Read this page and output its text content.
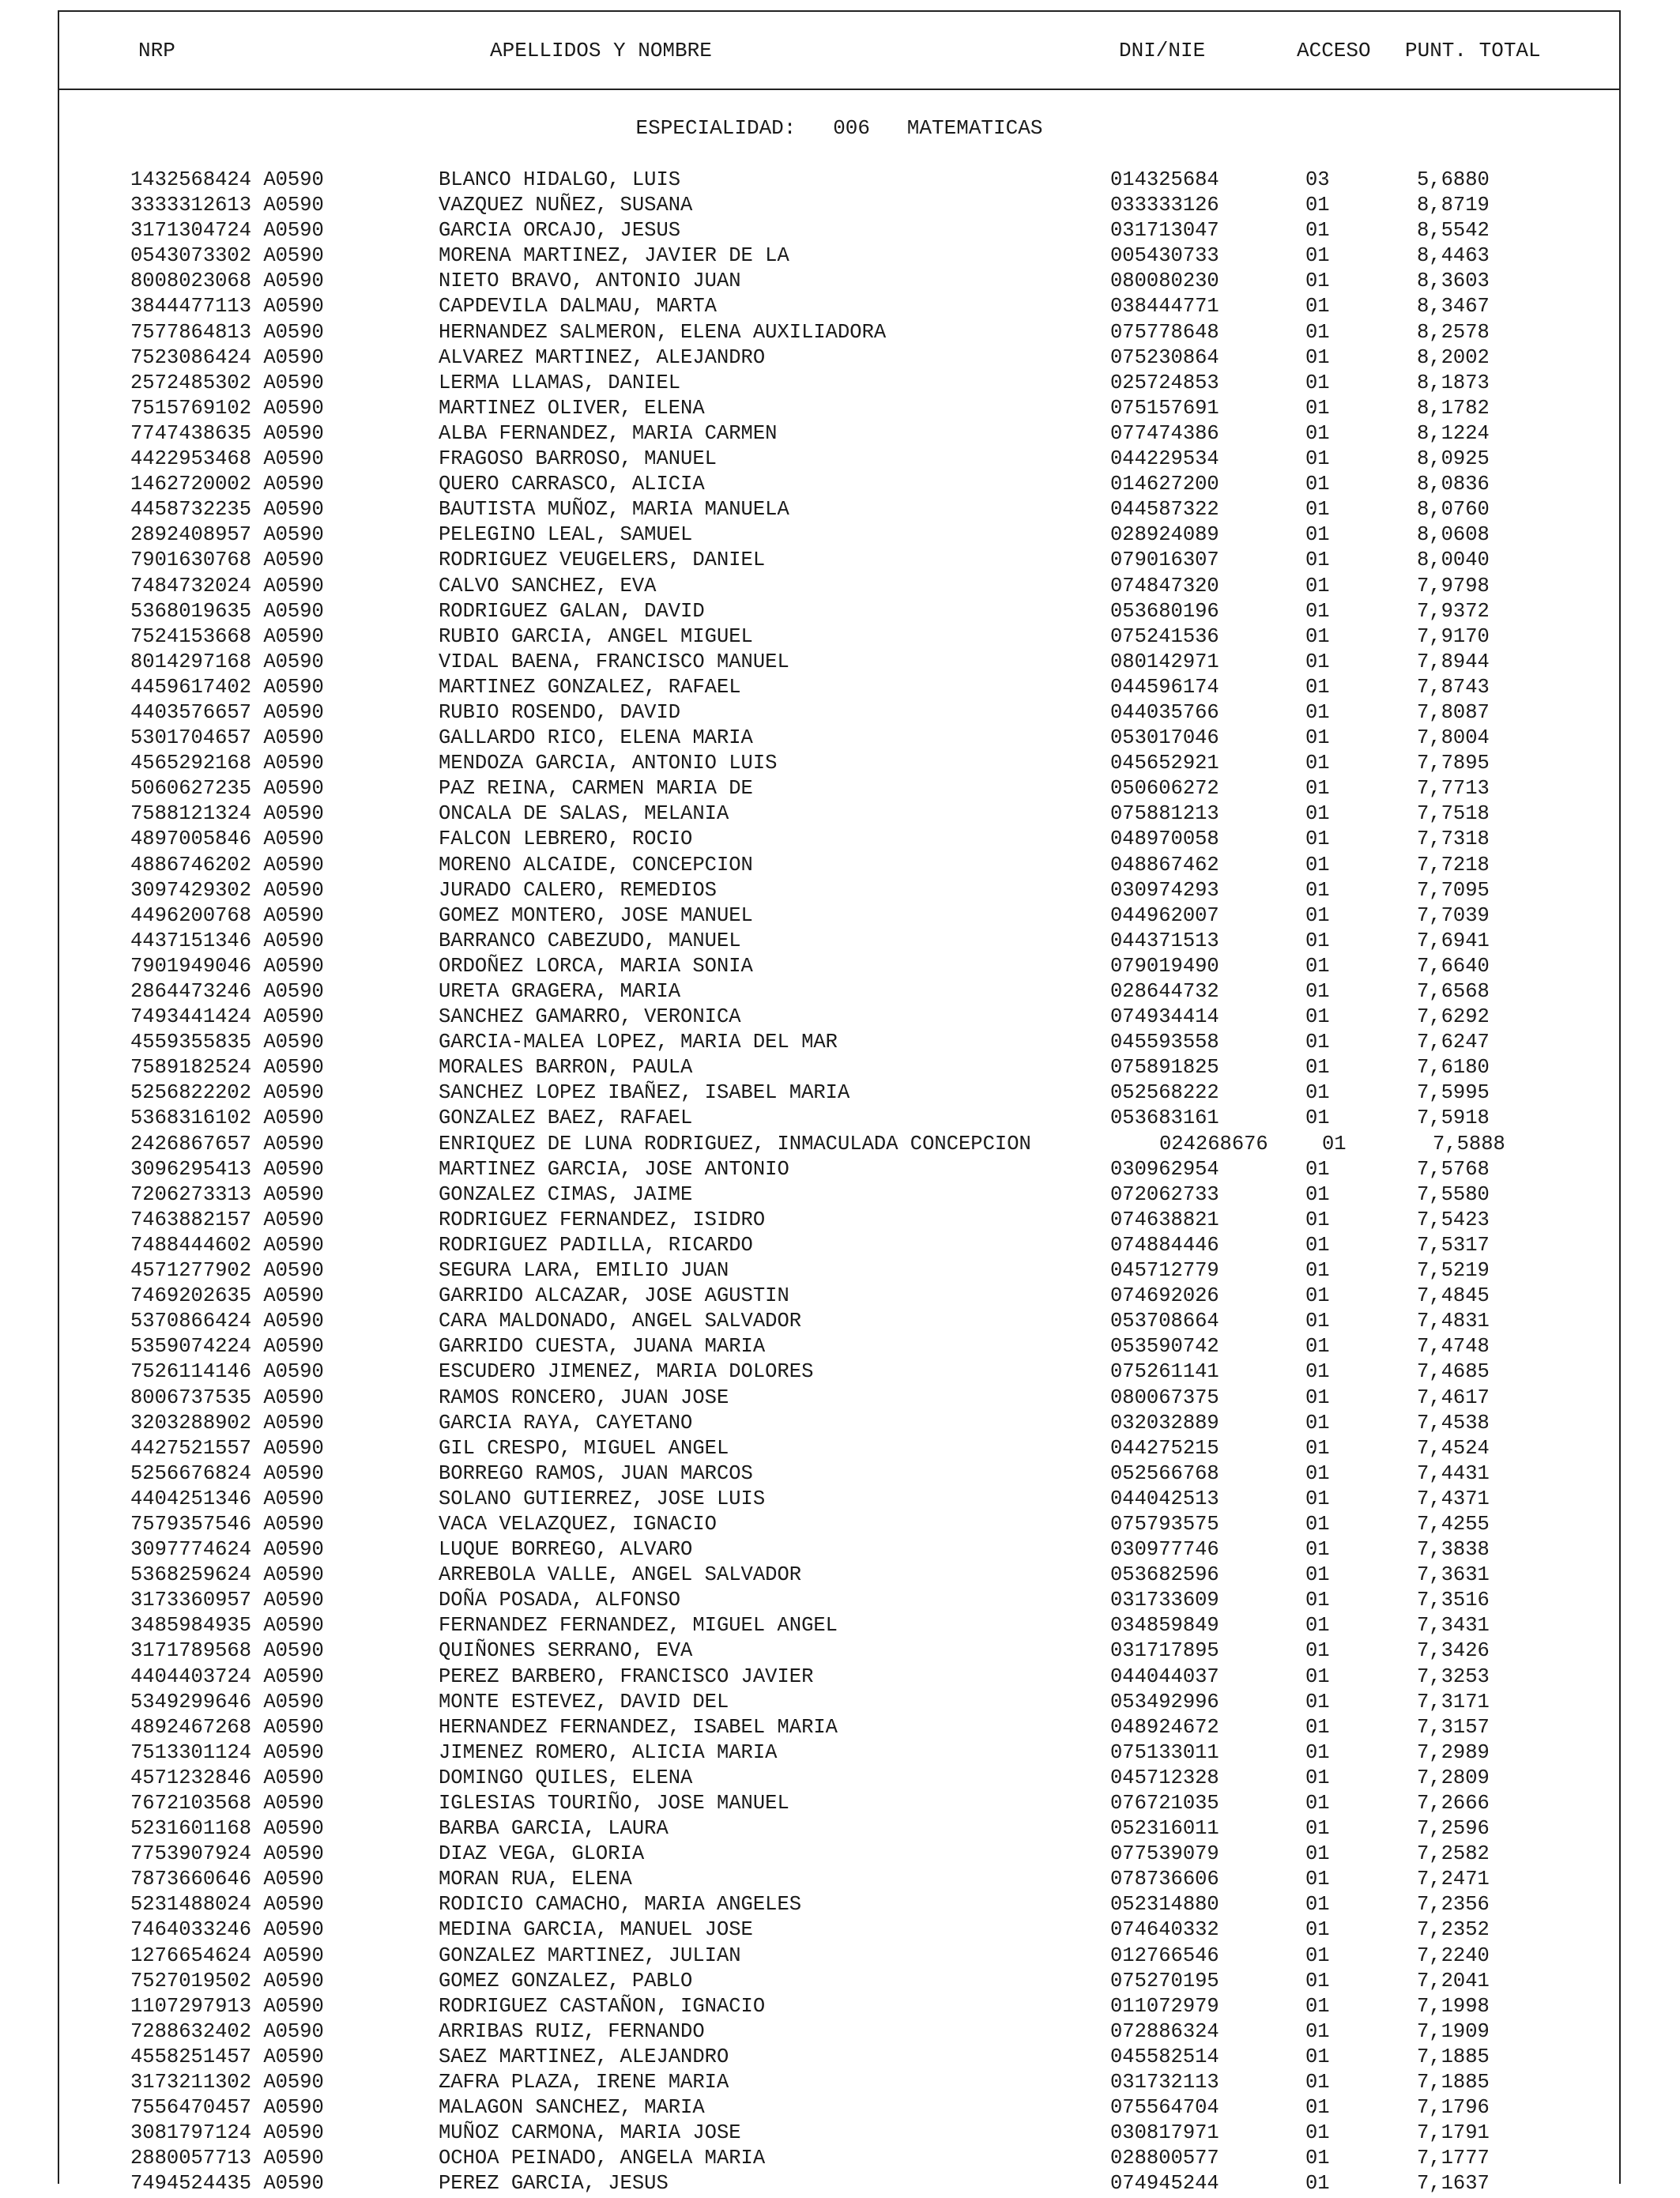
NRP	APELLIDOS Y NOMBRE	DNI/NIE	ACCESO PUNT. TOTAL
ESPECIALIDAD:   006   MATEMATICAS
1432568424 A0590	BLANCO HIDALGO, LUIS	014325684	03	5,6880
3333312613 A0590	VAZQUEZ NUÑEZ, SUSANA	033333126	01	8,8719
3171304724 A0590	GARCIA ORCAJO, JESUS	031713047	01	8,5542
0543073302 A0590	MORENA MARTINEZ, JAVIER DE LA	005430733	01	8,4463
8008023068 A0590	NIETO BRAVO, ANTONIO JUAN	080080230	01	8,3603
3844477113 A0590	CAPDEVILA DALMAU, MARTA	038444771	01	8,3467
7577864813 A0590	HERNANDEZ SALMERON, ELENA AUXILIADORA	075778648	01	8,2578
7523086424 A0590	ALVAREZ MARTINEZ, ALEJANDRO	075230864	01	8,2002
2572485302 A0590	LERMA LLAMAS, DANIEL	025724853	01	8,1873
7515769102 A0590	MARTINEZ OLIVER, ELENA	075157691	01	8,1782
7747438635 A0590	ALBA FERNANDEZ, MARIA CARMEN	077474386	01	8,1224
4422953468 A0590	FRAGOSO BARROSO, MANUEL	044229534	01	8,0925
1462720002 A0590	QUERO CARRASCO, ALICIA	014627200	01	8,0836
4458732235 A0590	BAUTISTA MUÑOZ, MARIA MANUELA	044587322	01	8,0760
2892408957 A0590	PELEGINO LEAL, SAMUEL	028924089	01	8,0608
7901630768 A0590	RODRIGUEZ VEUGELERS, DANIEL	079016307	01	8,0040
7484732024 A0590	CALVO SANCHEZ, EVA	074847320	01	7,9798
5368019635 A0590	RODRIGUEZ GALAN, DAVID	053680196	01	7,9372
7524153668 A0590	RUBIO GARCIA, ANGEL MIGUEL	075241536	01	7,9170
8014297168 A0590	VIDAL BAENA, FRANCISCO MANUEL	080142971	01	7,8944
4459617402 A0590	MARTINEZ GONZALEZ, RAFAEL	044596174	01	7,8743
4403576657 A0590	RUBIO ROSENDO, DAVID	044035766	01	7,8087
5301704657 A0590	GALLARDO RICO, ELENA MARIA	053017046	01	7,8004
4565292168 A0590	MENDOZA GARCIA, ANTONIO LUIS	045652921	01	7,7895
5060627235 A0590	PAZ REINA, CARMEN MARIA DE	050606272	01	7,7713
7588121324 A0590	ONCALA DE SALAS, MELANIA	075881213	01	7,7518
4897005846 A0590	FALCON LEBRERO, ROCIO	048970058	01	7,7318
4886746202 A0590	MORENO ALCAIDE, CONCEPCION	048867462	01	7,7218
3097429302 A0590	JURADO CALERO, REMEDIOS	030974293	01	7,7095
4496200768 A0590	GOMEZ MONTERO, JOSE MANUEL	044962007	01	7,7039
4437151346 A0590	BARRANCO CABEZUDO, MANUEL	044371513	01	7,6941
7901949046 A0590	ORDOÑEZ LORCA, MARIA SONIA	079019490	01	7,6640
2864473246 A0590	URETA GRAGERA, MARIA	028644732	01	7,6568
7493441424 A0590	SANCHEZ GAMARRO, VERONICA	074934414	01	7,6292
4559355835 A0590	GARCIA-MALEA LOPEZ, MARIA DEL MAR	045593558	01	7,6247
7589182524 A0590	MORALES BARRON, PAULA	075891825	01	7,6180
5256822202 A0590	SANCHEZ LOPEZ IBAÑEZ, ISABEL MARIA	052568222	01	7,5995
5368316102 A0590	GONZALEZ BAEZ, RAFAEL	053683161	01	7,5918
2426867657 A0590	ENRIQUEZ DE LUNA RODRIGUEZ, INMACULADA CONCEPCION	024268676	01	7,5888
3096295413 A0590	MARTINEZ GARCIA, JOSE ANTONIO	030962954	01	7,5768
7206273313 A0590	GONZALEZ CIMAS, JAIME	072062733	01	7,5580
7463882157 A0590	RODRIGUEZ FERNANDEZ, ISIDRO	074638821	01	7,5423
7488444602 A0590	RODRIGUEZ PADILLA, RICARDO	074884446	01	7,5317
4571277902 A0590	SEGURA LARA, EMILIO JUAN	045712779	01	7,5219
7469202635 A0590	GARRIDO ALCAZAR, JOSE AGUSTIN	074692026	01	7,4845
5370866424 A0590	CARA MALDONADO, ANGEL SALVADOR	053708664	01	7,4831
5359074224 A0590	GARRIDO CUESTA, JUANA MARIA	053590742	01	7,4748
7526114146 A0590	ESCUDERO JIMENEZ, MARIA DOLORES	075261141	01	7,4685
8006737535 A0590	RAMOS RONCERO, JUAN JOSE	080067375	01	7,4617
3203288902 A0590	GARCIA RAYA, CAYETANO	032032889	01	7,4538
4427521557 A0590	GIL CRESPO, MIGUEL ANGEL	044275215	01	7,4524
5256676824 A0590	BORREGO RAMOS, JUAN MARCOS	052566768	01	7,4431
4404251346 A0590	SOLANO GUTIERREZ, JOSE LUIS	044042513	01	7,4371
7579357546 A0590	VACA VELAZQUEZ, IGNACIO	075793575	01	7,4255
3097774624 A0590	LUQUE BORREGO, ALVARO	030977746	01	7,3838
5368259624 A0590	ARREBOLA VALLE, ANGEL SALVADOR	053682596	01	7,3631
3173360957 A0590	DOÑA POSADA, ALFONSO	031733609	01	7,3516
3485984935 A0590	FERNANDEZ FERNANDEZ, MIGUEL ANGEL	034859849	01	7,3431
3171789568 A0590	QUIÑONES SERRANO, EVA	031717895	01	7,3426
4404403724 A0590	PEREZ BARBERO, FRANCISCO JAVIER	044044037	01	7,3253
5349299646 A0590	MONTE ESTEVEZ, DAVID DEL	053492996	01	7,3171
4892467268 A0590	HERNANDEZ FERNANDEZ, ISABEL MARIA	048924672	01	7,3157
7513301124 A0590	JIMENEZ ROMERO, ALICIA MARIA	075133011	01	7,2989
4571232846 A0590	DOMINGO QUILES, ELENA	045712328	01	7,2809
7672103568 A0590	IGLESIAS TOURIÑO, JOSE MANUEL	076721035	01	7,2666
5231601168 A0590	BARBA GARCIA, LAURA	052316011	01	7,2596
7753907924 A0590	DIAZ VEGA, GLORIA	077539079	01	7,2582
7873660646 A0590	MORAN RUA, ELENA	078736606	01	7,2471
5231488024 A0590	RODICIO CAMACHO, MARIA ANGELES	052314880	01	7,2356
7464033246 A0590	MEDINA GARCIA, MANUEL JOSE	074640332	01	7,2352
1276654624 A0590	GONZALEZ MARTINEZ, JULIAN	012766546	01	7,2240
7527019502 A0590	GOMEZ GONZALEZ, PABLO	075270195	01	7,2041
1107297913 A0590	RODRIGUEZ CASTAÑON, IGNACIO	011072979	01	7,1998
7288632402 A0590	ARRIBAS RUIZ, FERNANDO	072886324	01	7,1909
4558251457 A0590	SAEZ MARTINEZ, ALEJANDRO	045582514	01	7,1885
3173211302 A0590	ZAFRA PLAZA, IRENE MARIA	031732113	01	7,1885
7556470457 A0590	MALAGON SANCHEZ, MARIA	075564704	01	7,1796
3081797124 A0590	MUÑOZ CARMONA, MARIA JOSE	030817971	01	7,1791
2880057713 A0590	OCHOA PEINADO, ANGELA MARIA	028800577	01	7,1777
7494524435 A0590	PEREZ GARCIA, JESUS	074945244	01	7,1637
